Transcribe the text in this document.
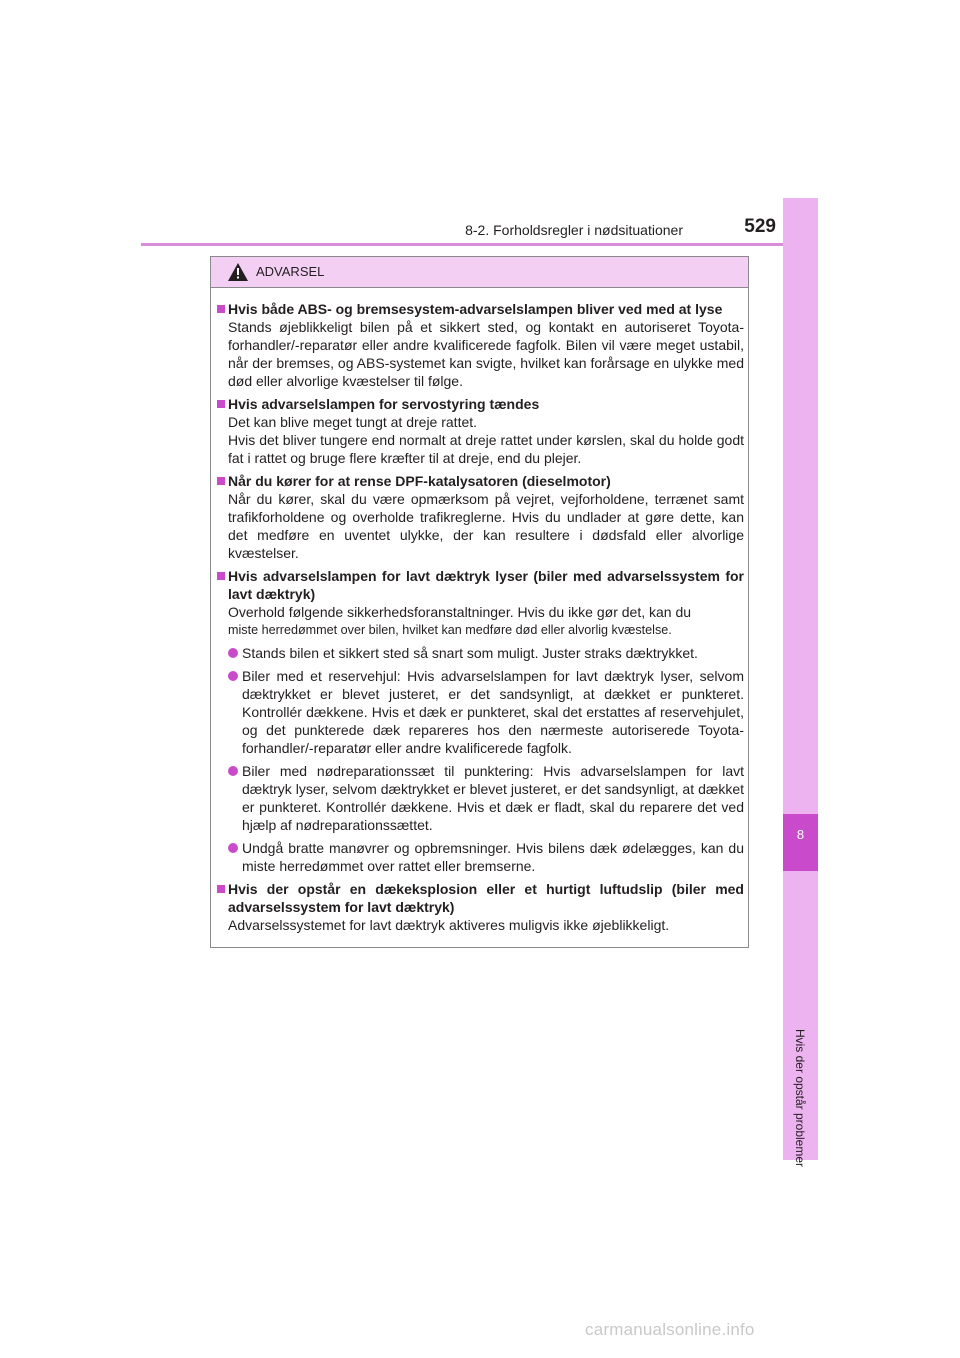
8-2. Forholdsregler i nødsituationer	529
8
Hvis der opstår problemer
ADVARSEL
Hvis både ABS- og bremsesystem-advarselslampen bliver ved med at lyse
Stands øjeblikkeligt bilen på et sikkert sted, og kontakt en autoriseret Toyota-forhandler/-reparatør eller andre kvalificerede fagfolk. Bilen vil være meget ustabil, når der bremses, og ABS-systemet kan svigte, hvilket kan forårsage en ulykke med død eller alvorlige kvæstelser til følge.
Hvis advarselslampen for servostyring tændes
Det kan blive meget tungt at dreje rattet.
Hvis det bliver tungere end normalt at dreje rattet under kørslen, skal du holde godt fat i rattet og bruge flere kræfter til at dreje, end du plejer.
Når du kører for at rense DPF-katalysatoren (dieselmotor)
Når du kører, skal du være opmærksom på vejret, vejforholdene, terrænet samt trafikforholdene og overholde trafikreglerne. Hvis du undlader at gøre dette, kan det medføre en uventet ulykke, der kan resultere i dødsfald eller alvorlige kvæstelser.
Hvis advarselslampen for lavt dæktryk lyser (biler med advarselssystem for lavt dæktryk)
Overhold følgende sikkerhedsforanstaltninger. Hvis du ikke gør det, kan du
miste herredømmet over bilen, hvilket kan medføre død eller alvorlig kvæstelse.
Stands bilen et sikkert sted så snart som muligt. Juster straks dæktrykket.
Biler med et reservehjul: Hvis advarselslampen for lavt dæktryk lyser, selvom dæktrykket er blevet justeret, er det sandsynligt, at dækket er punkteret. Kontrollér dækkene. Hvis et dæk er punkteret, skal det erstattes af reservehjulet, og det punkterede dæk repareres hos den nærmeste autoriserede Toyota-forhandler/-reparatør eller andre kvalificerede fagfolk.
Biler med nødreparationssæt til punktering: Hvis advarselslampen for lavt dæktryk lyser, selvom dæktrykket er blevet justeret, er det sandsynligt, at dækket er punkteret. Kontrollér dækkene. Hvis et dæk er fladt, skal du reparere det ved hjælp af nødreparationssættet.
Undgå bratte manøvrer og opbremsninger. Hvis bilens dæk ødelægges, kan du miste herredømmet over rattet eller bremserne.
Hvis der opstår en dækeksplosion eller et hurtigt luftudslip (biler med advarselssystem for lavt dæktryk)
Advarselssystemet for lavt dæktryk aktiveres muligvis ikke øjeblikkeligt.
carmanualsonline.info
